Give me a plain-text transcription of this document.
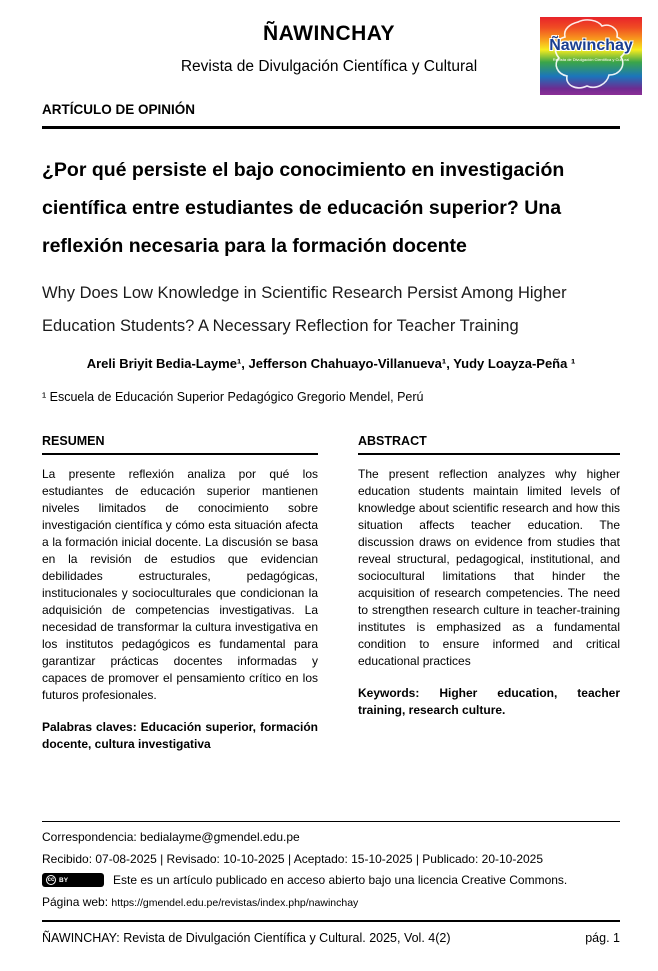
ÑAWINCHAY
Revista de Divulgación Científica y Cultural
Ñawinchay
Revista de Divulgación Científica y Cultural
ARTÍCULO DE OPINIÓN
¿Por qué persiste el bajo conocimiento en investigación científica entre estudiantes de educación superior? Una reflexión necesaria para la formación docente
Why Does Low Knowledge in Scientific Research Persist Among Higher Education Students? A Necessary Reflection for Teacher Training
Areli Briyit Bedia-Layme¹, Jefferson Chahuayo-Villanueva¹, Yudy Loayza-Peña ¹
¹ Escuela de Educación Superior Pedagógico Gregorio Mendel, Perú
RESUMEN

La presente reflexión analiza por qué los estudiantes de educación superior mantienen niveles limitados de conocimiento sobre investigación científica y cómo esta situación afecta a la formación inicial docente. La discusión se basa en la revisión de estudios que evidencian debilidades estructurales, pedagógicas, institucionales y socioculturales que condicionan la adquisición de competencias investigativas. La necesidad de transformar la cultura investigativa en los institutos pedagógicos es fundamental para garantizar prácticas docentes informadas y capaces de promover el pensamiento crítico en los futuros profesionales.

Palabras claves: Educación superior, formación docente, cultura investigativa

ABSTRACT

The present reflection analyzes why higher education students maintain limited levels of knowledge about scientific research and how this situation affects teacher education. The discussion draws on evidence from studies that reveal structural, pedagogical, institutional, and sociocultural limitations that hinder the acquisition of research competencies. The need to strengthen research culture in teacher-training institutes is emphasized as a fundamental condition to ensure informed and critical educational practices

Keywords: Higher education, teacher training, research culture.

Correspondencia: bedialayme@gmendel.edu.pe
Recibido: 07-08-2025 | Revisado: 10-10-2025 | Aceptado: 15-10-2025 | Publicado: 20-10-2025
cc BY	Este es un artículo publicado en acceso abierto bajo una licencia Creative Commons.
Página web: https://gmendel.edu.pe/revistas/index.php/nawinchay
ÑAWINCHAY: Revista de Divulgación Científica y Cultural. 2025, Vol. 4(2)	pág. 1
